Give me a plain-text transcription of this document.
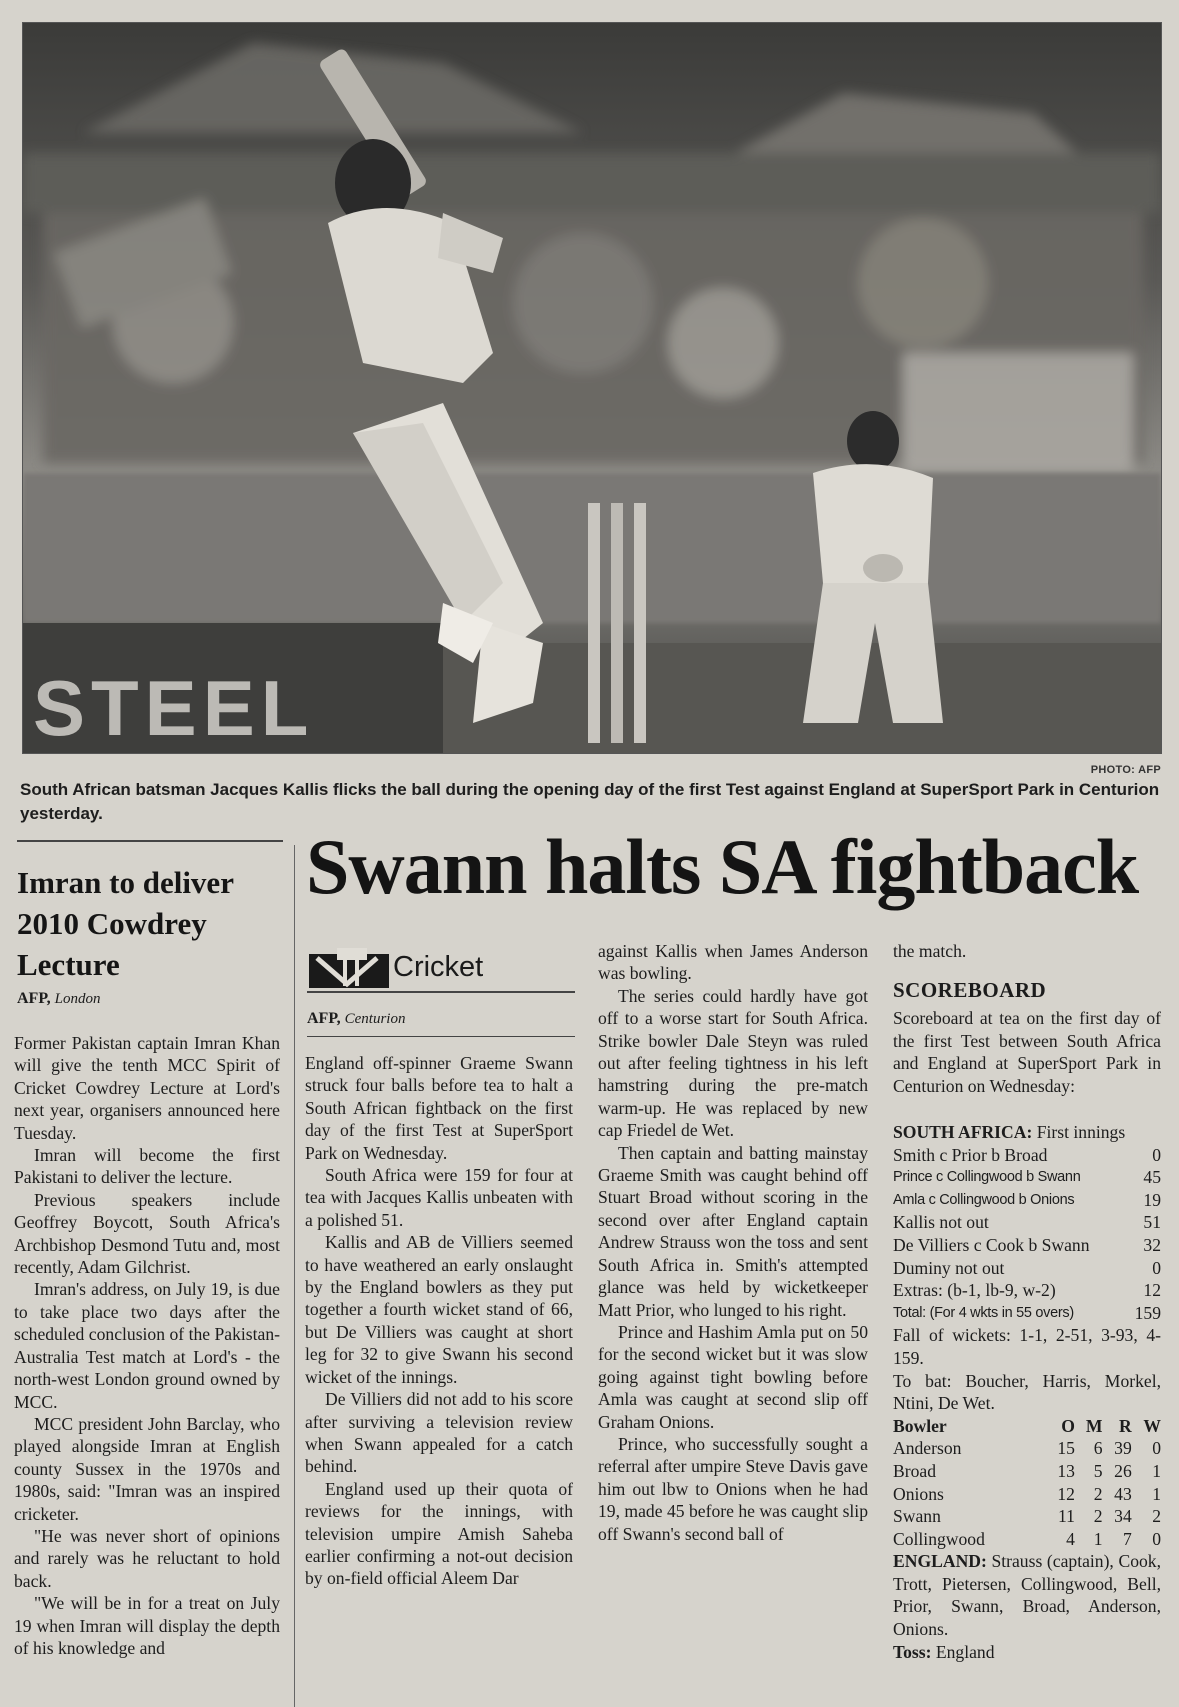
STEEL
PHOTO: AFP
South African batsman Jacques Kallis flicks the ball during the opening day of the first Test against England at SuperSport Park in Centurion yesterday.
Imran to deliver 2010 Cowdrey Lecture
AFP, London

Former Pakistan captain Imran Khan will give the tenth MCC Spirit of Cricket Cowdrey Lecture at Lord's next year, organisers announced here Tuesday.

Imran will become the first Pakistani to deliver the lecture.

Previous speakers include Geoffrey Boycott, South Africa's Archbishop Desmond Tutu and, most recently, Adam Gilchrist.

Imran's address, on July 19, is due to take place two days after the scheduled conclusion of the Pakistan-Australia Test match at Lord's - the north-west London ground owned by MCC.

MCC president John Barclay, who played alongside Imran at English county Sussex in the 1970s and 1980s, said: "Imran was an inspired cricketer.

"He was never short of opinions and rarely was he reluctant to hold back.

"We will be in for a treat on July 19 when Imran will display the depth of his knowledge and

Swann halts SA fightback
Cricket
AFP, Centurion

England off-spinner Graeme Swann struck four balls before tea to halt a South African fightback on the first day of the first Test at SuperSport Park on Wednesday.

South Africa were 159 for four at tea with Jacques Kallis unbeaten with a polished 51.

Kallis and AB de Villiers seemed to have weathered an early onslaught by the England bowlers as they put together a fourth wicket stand of 66, but De Villiers was caught at short leg for 32 to give Swann his second wicket of the innings.

De Villiers did not add to his score after surviving a television review when Swann appealed for a catch behind.

England used up their quota of reviews for the innings, with television umpire Amish Saheba earlier confirming a not-out decision by on-field official Aleem Dar

against Kallis when James Anderson was bowling.

The series could hardly have got off to a worse start for South Africa. Strike bowler Dale Steyn was ruled out after feeling tightness in his left hamstring during the pre-match warm-up. He was replaced by new cap Friedel de Wet.

Then captain and batting mainstay Graeme Smith was caught behind off Stuart Broad without scoring in the second over after England captain Andrew Strauss won the toss and sent South Africa in. Smith's attempted glance was held by wicketkeeper Matt Prior, who lunged to his right.

Prince and Hashim Amla put on 50 for the second wicket but it was slow going against tight bowling before Amla was caught at second slip off Graham Onions.

Prince, who successfully sought a referral after umpire Steve Davis gave him out lbw to Onions when he had 19, made 45 before he was caught slip off Swann's second ball of

the match.

SCOREBOARD
Scoreboard at tea on the first day of the first Test between South Africa and England at SuperSport Park in Centurion on Wednesday:
SOUTH AFRICA: First innings
Smith c Prior b Broad	0
Prince c Collingwood b Swann	45
Amla c Collingwood b Onions	19
Kallis not out	51
De Villiers c Cook b Swann	32
Duminy not out	0
Extras: (b-1, lb-9, w-2)	12
Total: (For 4 wkts in 55 overs)	159
Fall of wickets: 1-1, 2-51, 3-93, 4-159.
To bat: Boucher, Harris, Morkel, Ntini, De Wet.
Bowler	O	M	R	W
Anderson	15	6	39	0
Broad	13	5	26	1
Onions	12	2	43	1
Swann	11	2	34	2
Collingwood	4	1	7	0
ENGLAND: Strauss (captain), Cook, Trott, Pietersen, Collingwood, Bell, Prior, Swann, Broad, Anderson, Onions.
Toss: England
